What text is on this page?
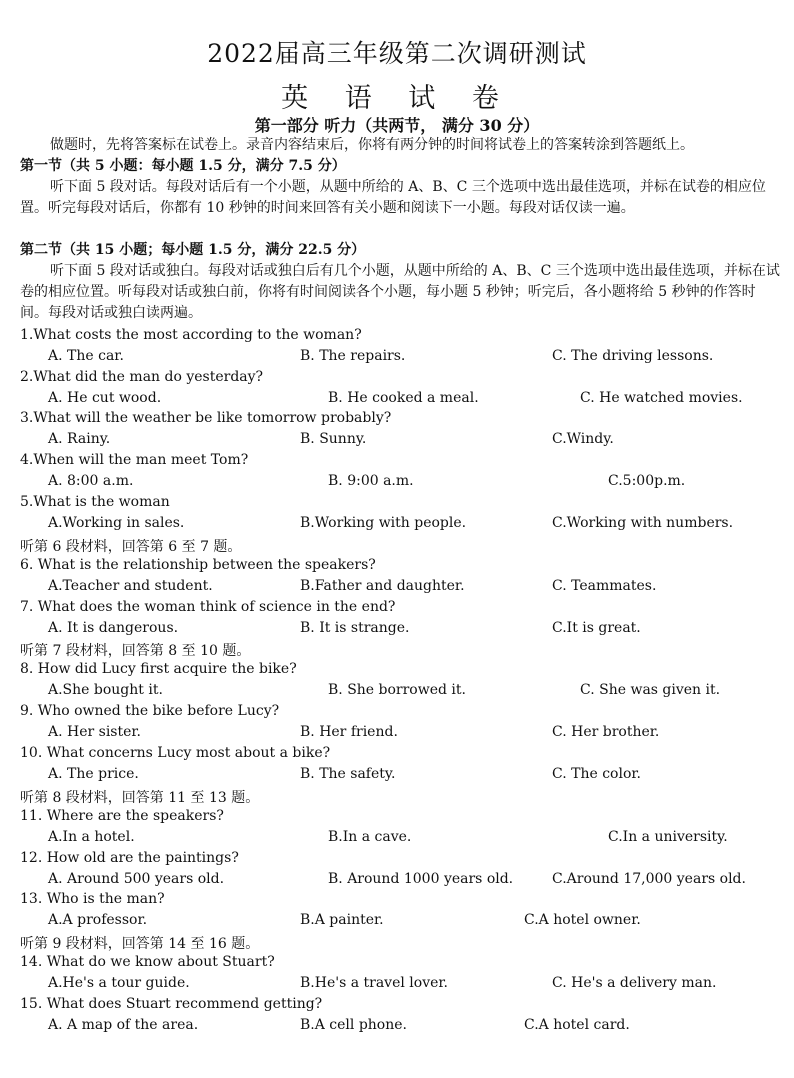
2022届高三年级第二次调研测试
英 语 试 卷
第一部分 听力（共两节， 满分 30 分）
做题时，先将答案标在试卷上。录音内容结束后，你将有两分钟的时间将试卷上的答案转涂到答题纸上。
第一节（共 5 小题：每小题 1.5 分，满分 7.5 分）
听下面 5 段对话。每段对话后有一个小题，从题中所给的 A、B、C 三个选项中选出最佳选项，并标在试卷的相应位置。听完每段对话后，你都有 10 秒钟的时间来回答有关小题和阅读下一小题。每段对话仅读一遍。
第二节（共 15 小题；每小题 1.5 分，满分 22.5 分）
听下面 5 段对话或独白。每段对话或独白后有几个小题，从题中所给的 A、B、C 三个选项中选出最佳选项，并标在试卷的相应位置。听每段对话或独白前，你将有时间阅读各个小题，每小题 5 秒钟；听完后，各小题将给 5 秒钟的作答时间。每段对话或独白读两遍。
1.What costs the most according to the woman?
A. The car.	B. The repairs.	C. The driving lessons.
2.What did the man do yesterday?
A. He cut wood.	B. He cooked a meal.	C. He watched movies.
3.What will the weather be like tomorrow probably?
A. Rainy.	B. Sunny.	C.Windy.
4.When will the man meet Tom?
A. 8:00 a.m.	B. 9:00 a.m.	C.5:00p.m.
5.What is the woman
A.Working in sales.	B.Working with people.	C.Working with numbers.
听第 6 段材料，回答第 6 至 7 题。
6. What is the relationship between the speakers?
A.Teacher and student.	B.Father and daughter.	C. Teammates.
7. What does the woman think of science in the end?
A. It is dangerous.	B. It is strange.	C.It is great.
听第 7 段材料，回答第 8 至 10 题。
8. How did Lucy first acquire the bike?
A.She bought it.	B. She borrowed it.	C. She was given it.
9. Who owned the bike before Lucy?
A. Her sister.	B. Her friend.	C. Her brother.
10. What concerns Lucy most about a bike?
A. The price.	B. The safety.	C. The color.
听第 8 段材料，回答第 11 至 13 题。
11. Where are the speakers?
A.In a hotel.	B.In a cave.	C.In a university.
12. How old are the paintings?
A. Around 500 years old.	B. Around 1000 years old.	C.Around 17,000 years old.
13. Who is the man?
A.A professor.	B.A painter.	C.A hotel owner.
听第 9 段材料，回答第 14 至 16 题。
14. What do we know about Stuart?
A.He's a tour guide.	B.He's a travel lover.	C. He's a delivery man.
15. What does Stuart recommend getting?
A. A map of the area.	B.A cell phone.	C.A hotel card.
